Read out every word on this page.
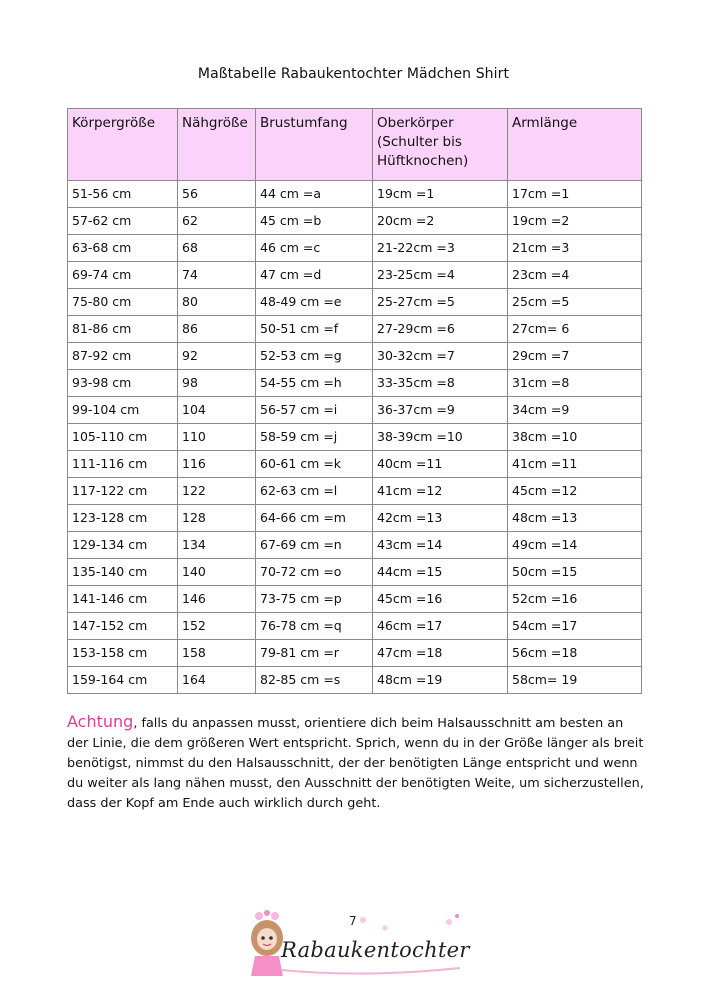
Maßtabelle Rabaukentochter Mädchen Shirt
Körpergröße	Nähgröße	Brustumfang	Oberkörper (Schulter bis Hüftknochen)	Armlänge
51-56 cm	56	44 cm =a	19cm =1	17cm =1
57-62 cm	62	45 cm =b	20cm =2	19cm =2
63-68 cm	68	46 cm =c	21-22cm =3	21cm =3
69-74 cm	74	47 cm =d	23-25cm =4	23cm =4
75-80 cm	80	48-49 cm =e	25-27cm =5	25cm =5
81-86 cm	86	50-51 cm =f	27-29cm =6	27cm= 6
87-92 cm	92	52-53 cm =g	30-32cm =7	29cm =7
93-98 cm	98	54-55 cm =h	33-35cm =8	31cm =8
99-104 cm	104	56-57 cm =i	36-37cm =9	34cm =9
105-110 cm	110	58-59 cm =j	38-39cm =10	38cm =10
111-116 cm	116	60-61 cm =k	40cm =11	41cm =11
117-122 cm	122	62-63 cm =l	41cm =12	45cm =12
123-128 cm	128	64-66 cm =m	42cm =13	48cm =13
129-134 cm	134	67-69 cm =n	43cm =14	49cm =14
135-140 cm	140	70-72 cm =o	44cm =15	50cm =15
141-146 cm	146	73-75 cm =p	45cm =16	52cm =16
147-152 cm	152	76-78 cm =q	46cm =17	54cm =17
153-158 cm	158	79-81 cm =r	47cm =18	56cm =18
159-164 cm	164	82-85 cm =s	48cm =19	58cm= 19

Achtung, falls du anpassen musst, orientiere dich beim Halsausschnitt am besten an der Linie, die dem größeren Wert entspricht. Sprich, wenn du in der Größe länger als breit benötigst, nimmst du den Halsausschnitt, der der benötigten Länge entspricht und wenn du weiter als lang nähen musst, den Ausschnitt der benötigten Weite, um sicherzustellen, dass der Kopf am Ende auch wirklich durch geht.

7
Rabaukentochter
